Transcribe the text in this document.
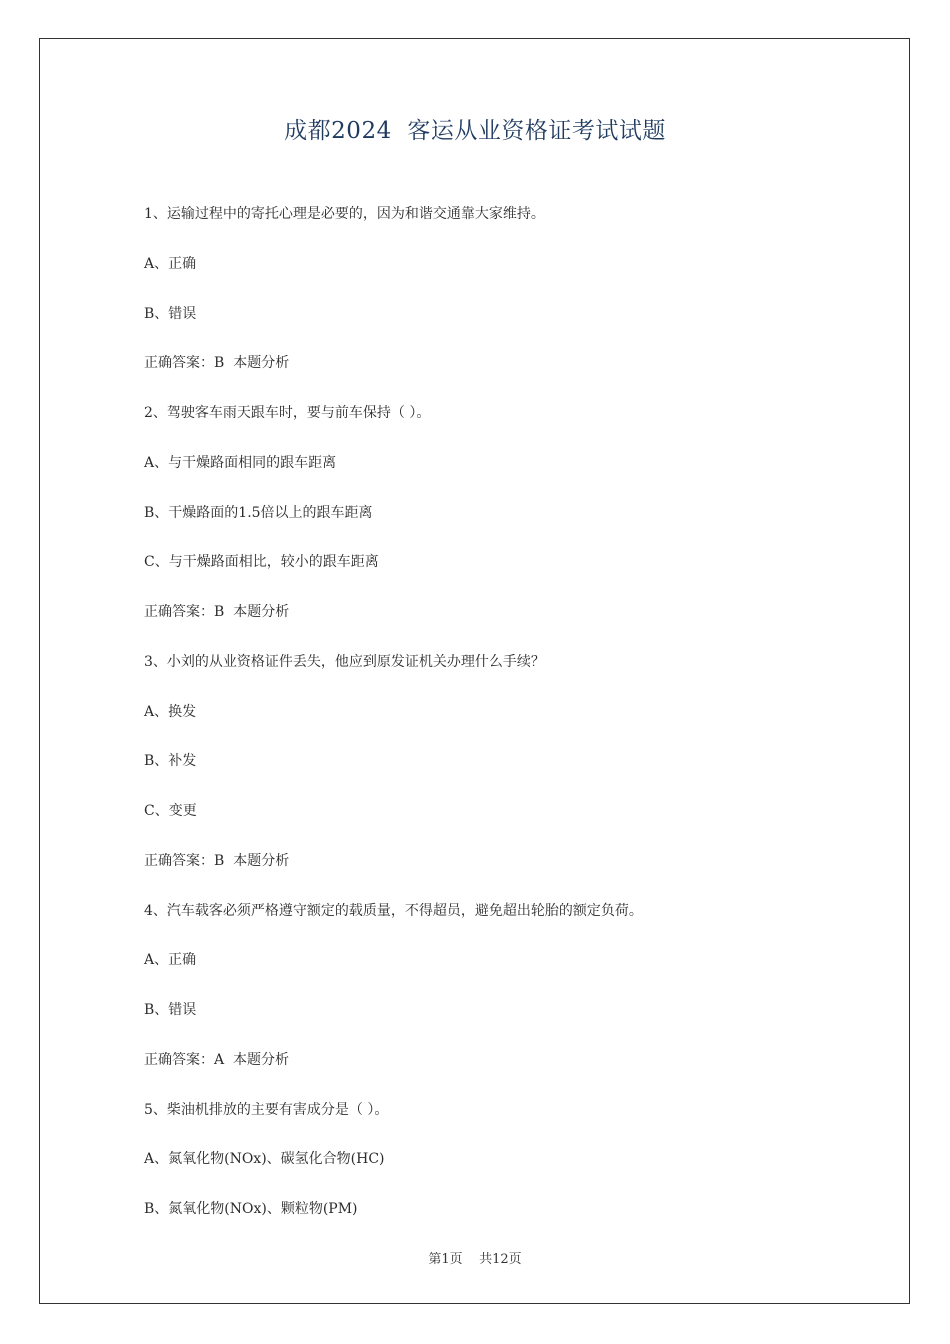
成都2024  客运从业资格证考试试题
1、运输过程中的寄托心理是必要的，因为和谐交通靠大家维持。
A、正确
B、错误
正确答案：B  本题分析
2、驾驶客车雨天跟车时，要与前车保持（ ）。
A、与干燥路面相同的跟车距离
B、干燥路面的1.5倍以上的跟车距离
C、与干燥路面相比，较小的跟车距离
正确答案：B  本题分析
3、小刘的从业资格证件丢失，他应到原发证机关办理什么手续？
A、换发
B、补发
C、变更
正确答案：B  本题分析
4、汽车载客必须严格遵守额定的载质量，不得超员，避免超出轮胎的额定负荷。
A、正确
B、错误
正确答案：A  本题分析
5、柴油机排放的主要有害成分是（ ）。
A、氮氧化物(NOx)、碳氢化合物(HC)
B、氮氧化物(NOx)、颗粒物(PM)
第1页    共12页
